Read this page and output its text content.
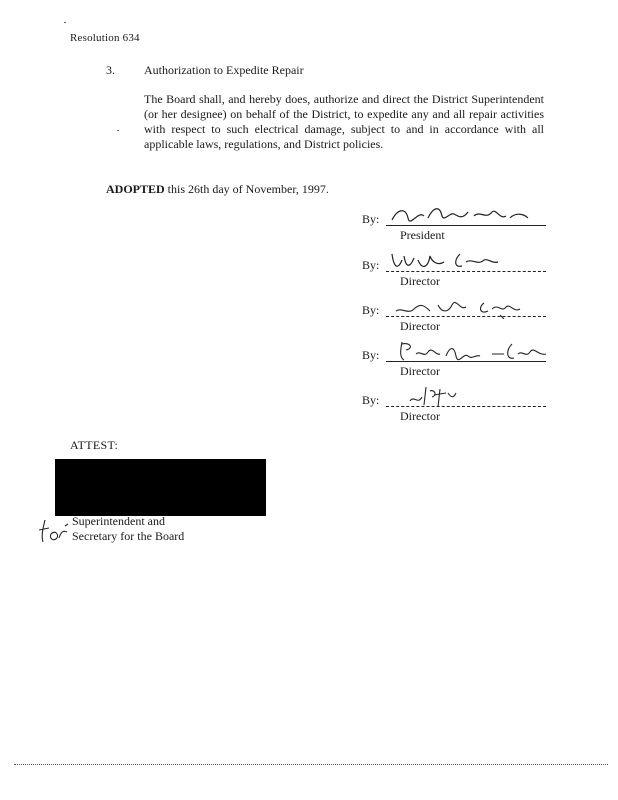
Resolution 634
3. Authorization to Expedite Repair
The Board shall, and hereby does, authorize and direct the District Superintendent (or her designee) on behalf of the District, to expedite any and all repair activities with respect to such electrical damage, subject to and in accordance with all applicable laws, regulations, and District policies.
ADOPTED this 26th day of November, 1997.
By:
President
By:
Director
By:
Director
By:
Director
By:
Director
ATTEST:
Superintendent and
Secretary for the Board
